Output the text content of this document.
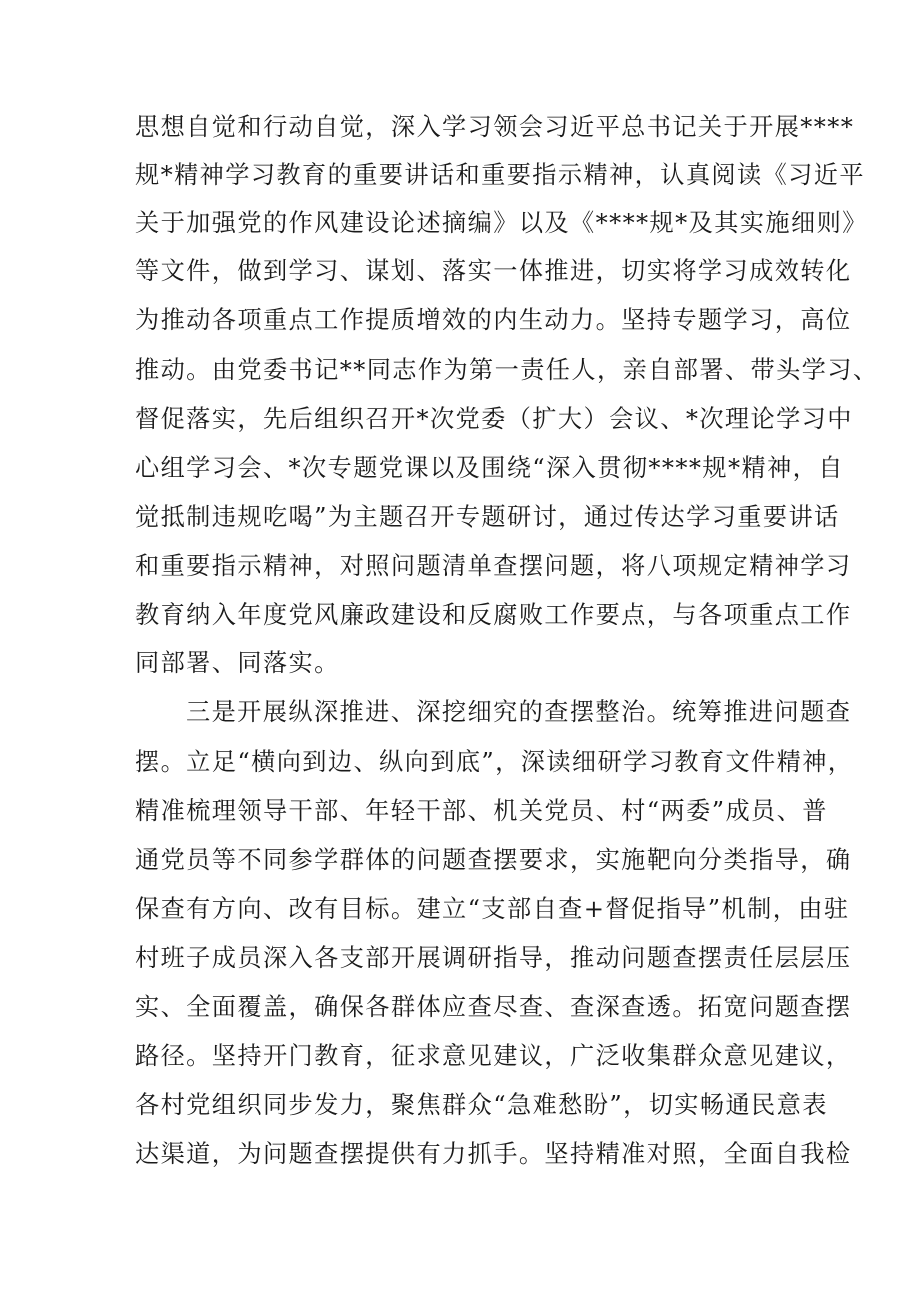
思想自觉和行动自觉，深入学习领会习近平总书记关于开展****
规*精神学习教育的重要讲话和重要指示精神，认真阅读《习近平
关于加强党的作风建设论述摘编》以及《****规*及其实施细则》
等文件，做到学习、谋划、落实一体推进，切实将学习成效转化
为推动各项重点工作提质增效的内生动力。坚持专题学习，高位
推动。由党委书记**同志作为第一责任人，亲自部署、带头学习、
督促落实，先后组织召开*次党委（扩大）会议、*次理论学习中
心组学习会、*次专题党课以及围绕“深入贯彻****规*精神，自
觉抵制违规吃喝”为主题召开专题研讨，通过传达学习重要讲话
和重要指示精神，对照问题清单查摆问题，将八项规定精神学习
教育纳入年度党风廉政建设和反腐败工作要点，与各项重点工作
同部署、同落实。
三是开展纵深推进、深挖细究的查摆整治。统筹推进问题查
摆。立足“横向到边、纵向到底”，深读细研学习教育文件精神，
精准梳理领导干部、年轻干部、机关党员、村“两委”成员、普
通党员等不同参学群体的问题查摆要求，实施靶向分类指导，确
保查有方向、改有目标。建立“支部自查+督促指导”机制，由驻
村班子成员深入各支部开展调研指导，推动问题查摆责任层层压
实、全面覆盖，确保各群体应查尽查、查深查透。拓宽问题查摆
路径。坚持开门教育，征求意见建议，广泛收集群众意见建议，
各村党组织同步发力，聚焦群众“急难愁盼”，切实畅通民意表
达渠道，为问题查摆提供有力抓手。坚持精准对照，全面自我检
